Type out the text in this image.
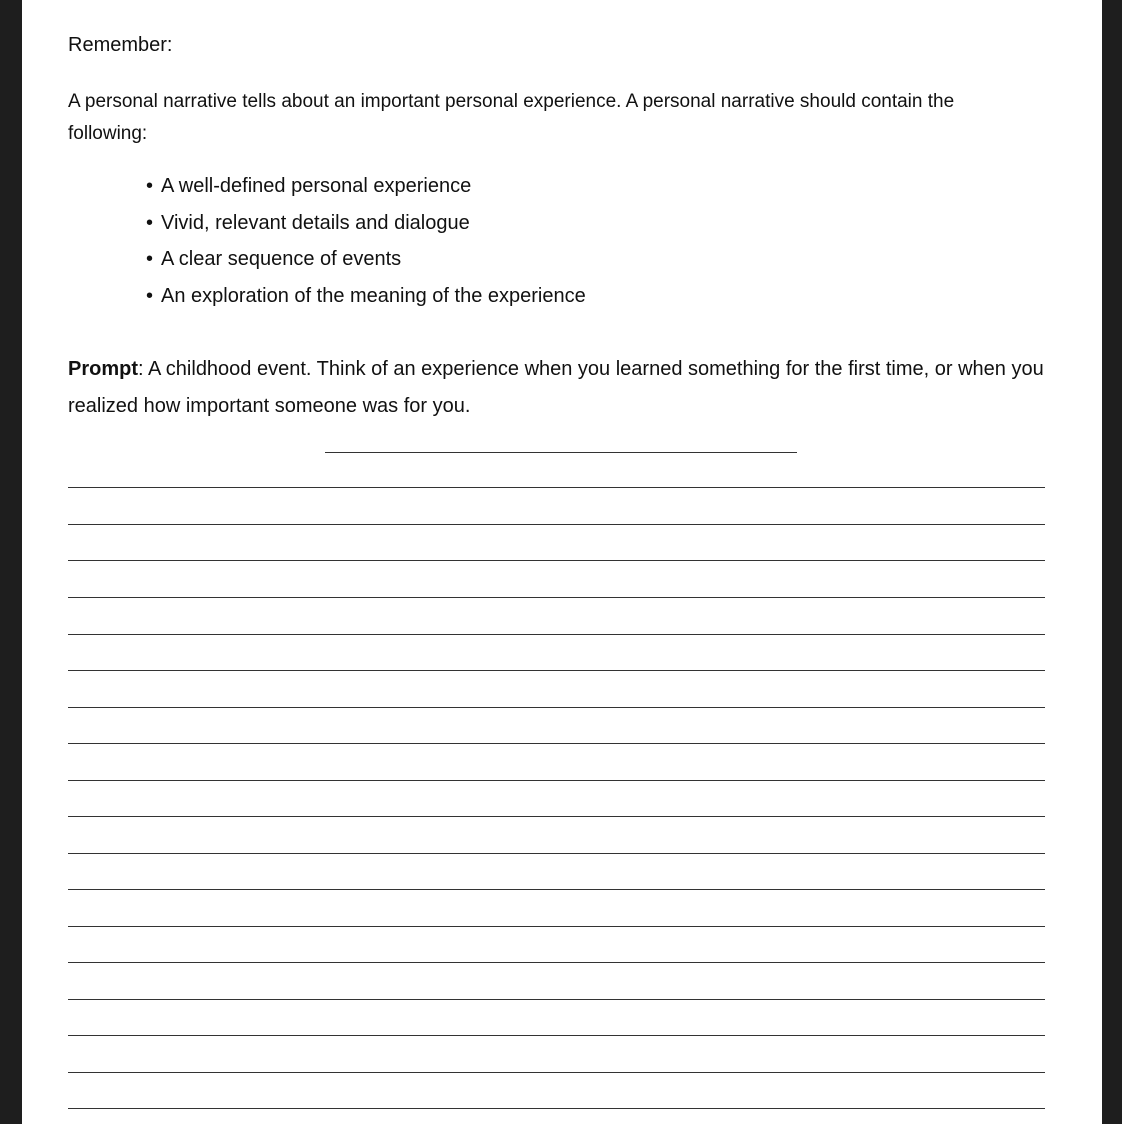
Remember:
A personal narrative tells about an important personal experience. A personal narrative should contain the following:
• A well-defined personal experience
• Vivid, relevant details and dialogue
• A clear sequence of events
• An exploration of the meaning of the experience
Prompt: A childhood event. Think of an experience when you learned something for the first time, or when you realized how important someone was for you.
